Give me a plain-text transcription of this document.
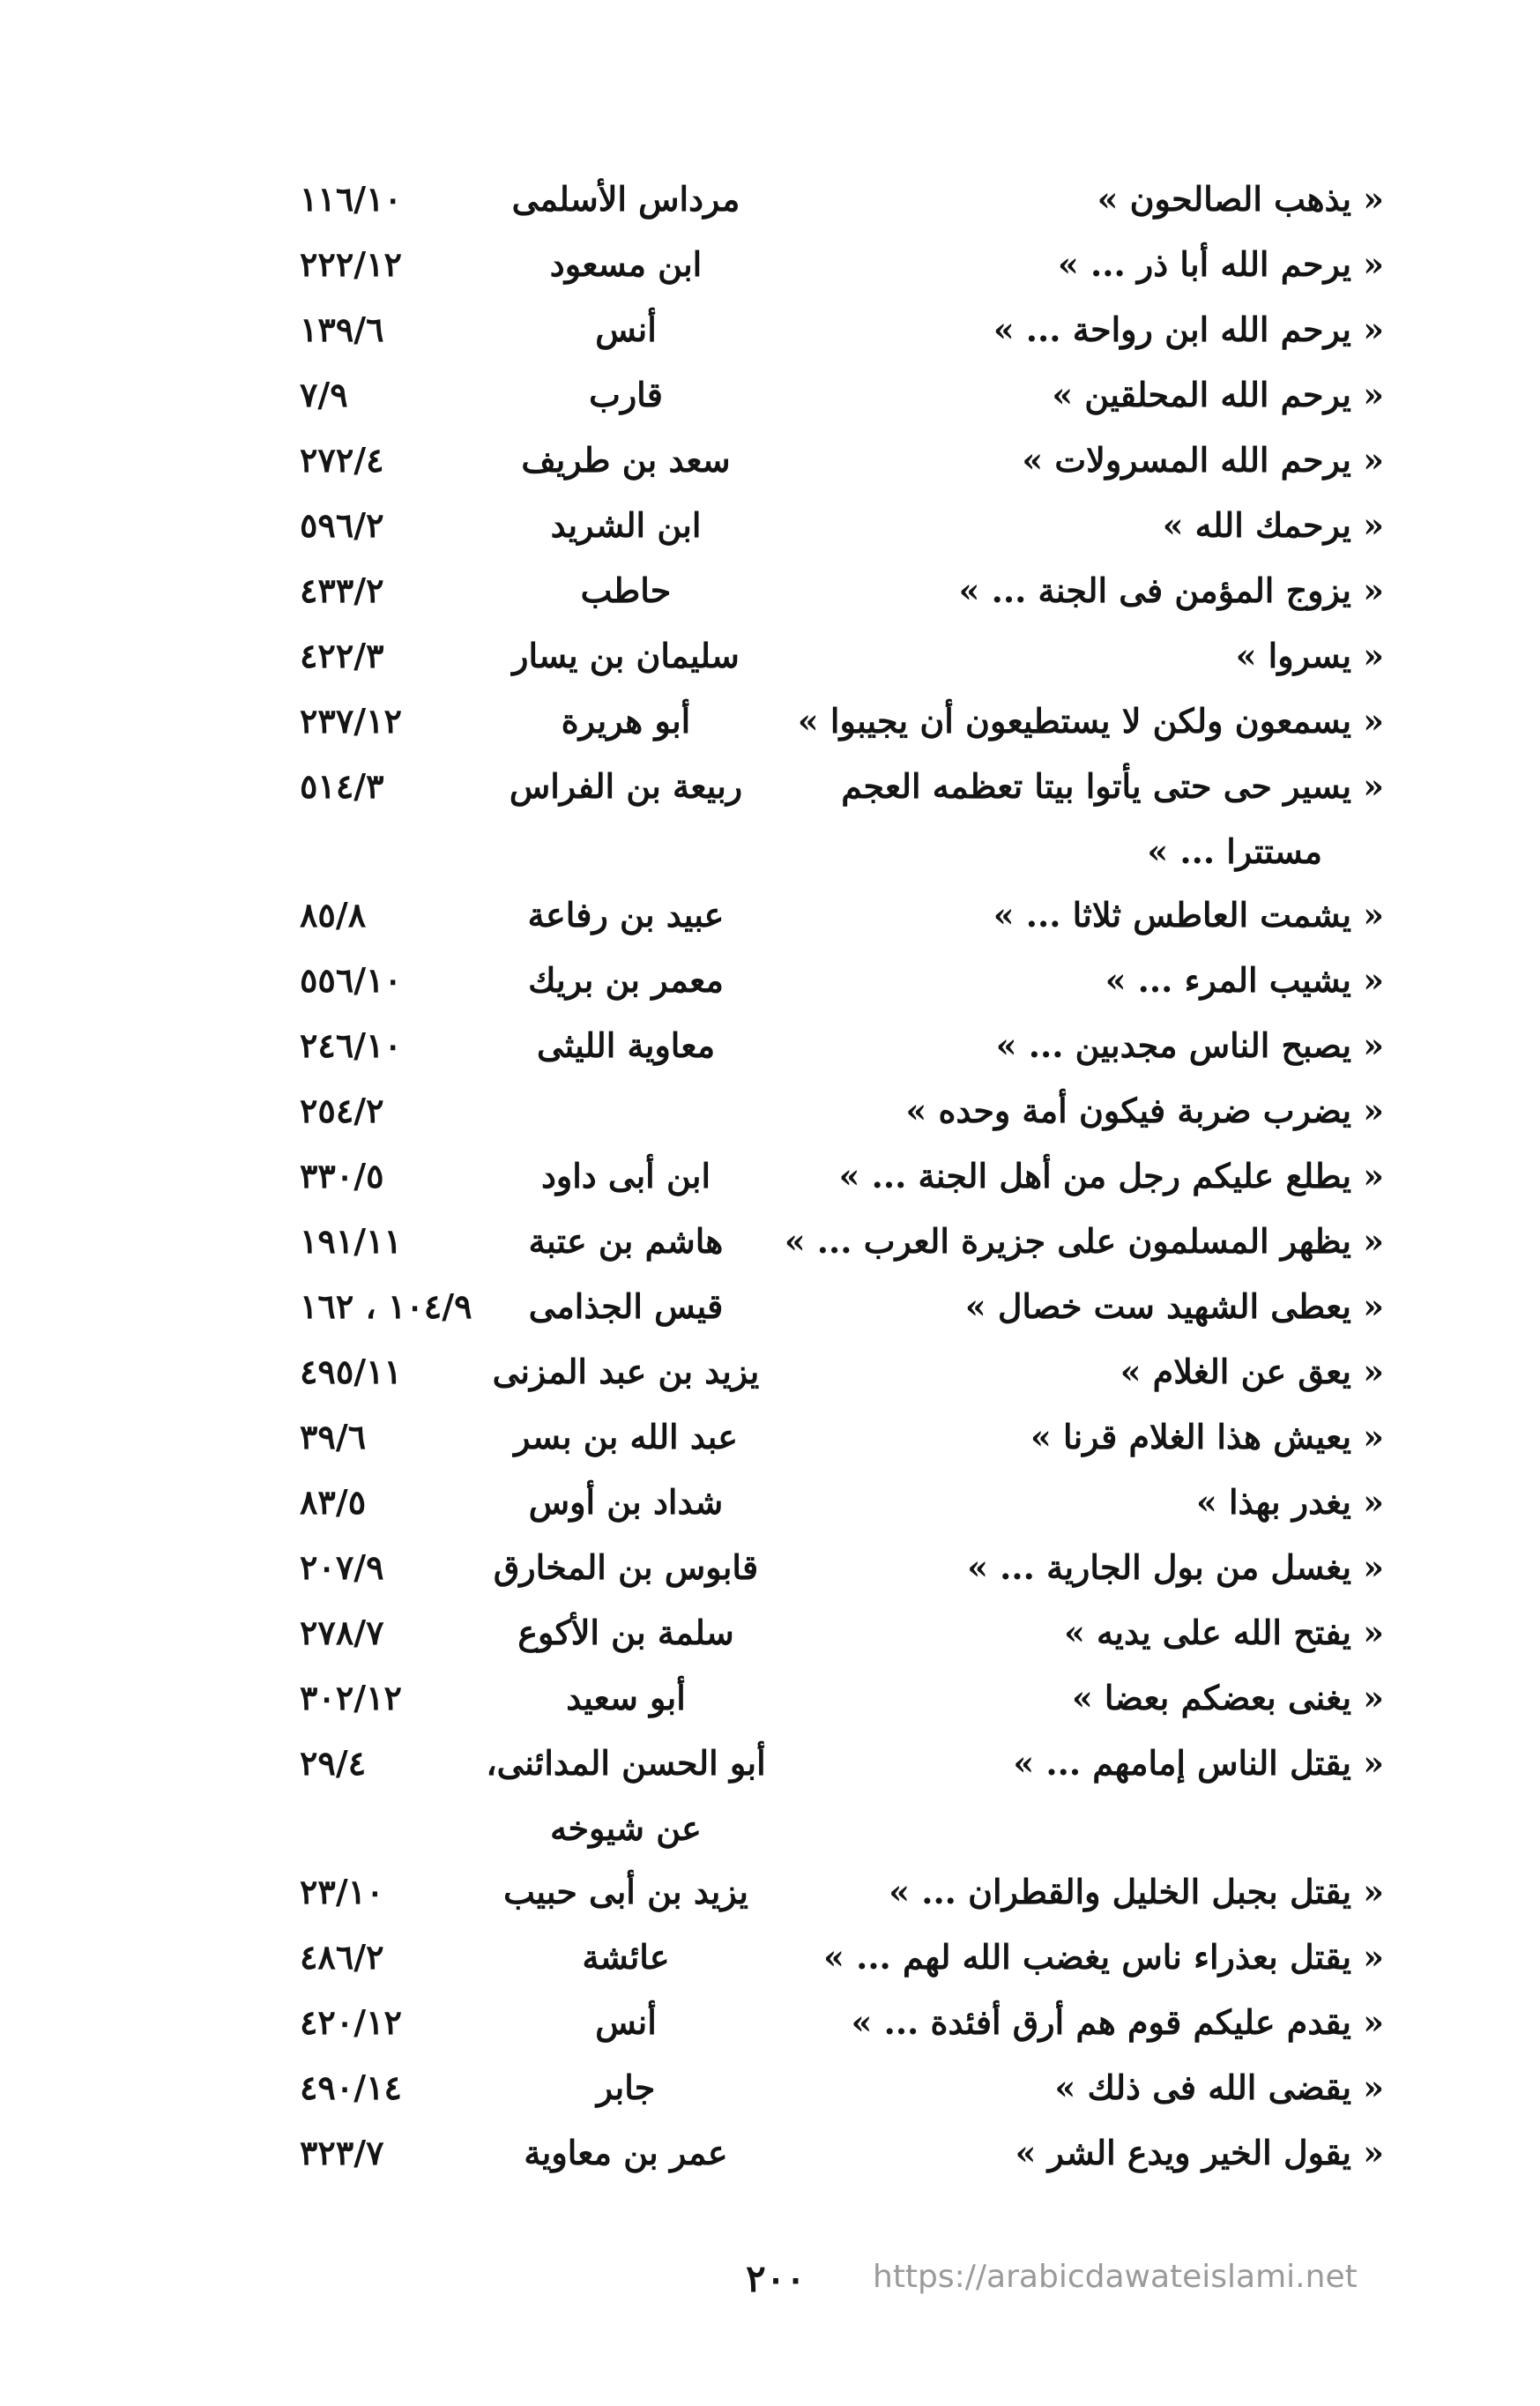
« يذهب الصالحون »
مرداس الأسلمى
١١٦/١٠
« يرحم الله أبا ذر ... »
ابن مسعود
٢٢٢/١٢
« يرحم الله ابن رواحة ... »
أنس
١٣٩/٦
« يرحم الله المحلقين »
قارب
٧/٩
« يرحم الله المسرولات »
سعد بن طريف
٢٧٢/٤
« يرحمك الله »
ابن الشريد
٥٩٦/٢
« يزوج المؤمن فى الجنة ... »
حاطب
٤٣٣/٢
« يسروا »
سليمان بن يسار
٤٢٢/٣
« يسمعون ولكن لا يستطيعون أن يجيبوا »
أبو هريرة
٢٣٧/١٢
« يسير حى حتى يأتوا بيتا تعظمه العجم
ربيعة بن الفراس
٥١٤/٣
مستترا ... »
« يشمت العاطس ثلاثا ... »
عبيد بن رفاعة
٨٥/٨
« يشيب المرء ... »
معمر بن بريك
٥٥٦/١٠
« يصبح الناس مجدبين ... »
معاوية الليثى
٢٤٦/١٠
« يضرب ضربة فيكون أمة وحده »
٢٥٤/٢
« يطلع عليكم رجل من أهل الجنة ... »
ابن أبى داود
٣٣٠/٥
« يظهر المسلمون على جزيرة العرب ... »
هاشم بن عتبة
١٩١/١١
« يعطى الشهيد ست خصال »
قيس الجذامى
١٠٤/٩ ، ١٦٢
« يعق عن الغلام »
يزيد بن عبد المزنى
٤٩٥/١١
« يعيش هذا الغلام قرنا »
عبد الله بن بسر
٣٩/٦
« يغدر بهذا »
شداد بن أوس
٨٣/٥
« يغسل من بول الجارية ... »
قابوس بن المخارق
٢٠٧/٩
« يفتح الله على يديه »
سلمة بن الأكوع
٢٧٨/٧
« يغنى بعضكم بعضا »
أبو سعيد
٣٠٢/١٢
« يقتل الناس إمامهم ... »
أبو الحسن المدائنى،
٢٩/٤
عن شيوخه
« يقتل بجبل الخليل والقطران ... »
يزيد بن أبى حبيب
٢٣/١٠
« يقتل بعذراء ناس يغضب الله لهم ... »
عائشة
٤٨٦/٢
« يقدم عليكم قوم هم أرق أفئدة ... »
أنس
٤٢٠/١٢
« يقضى الله فى ذلك »
جابر
٤٩٠/١٤
« يقول الخير ويدع الشر »
عمر بن معاوية
٣٢٣/٧
٢٠٠	https://arabicdawateislami.net
